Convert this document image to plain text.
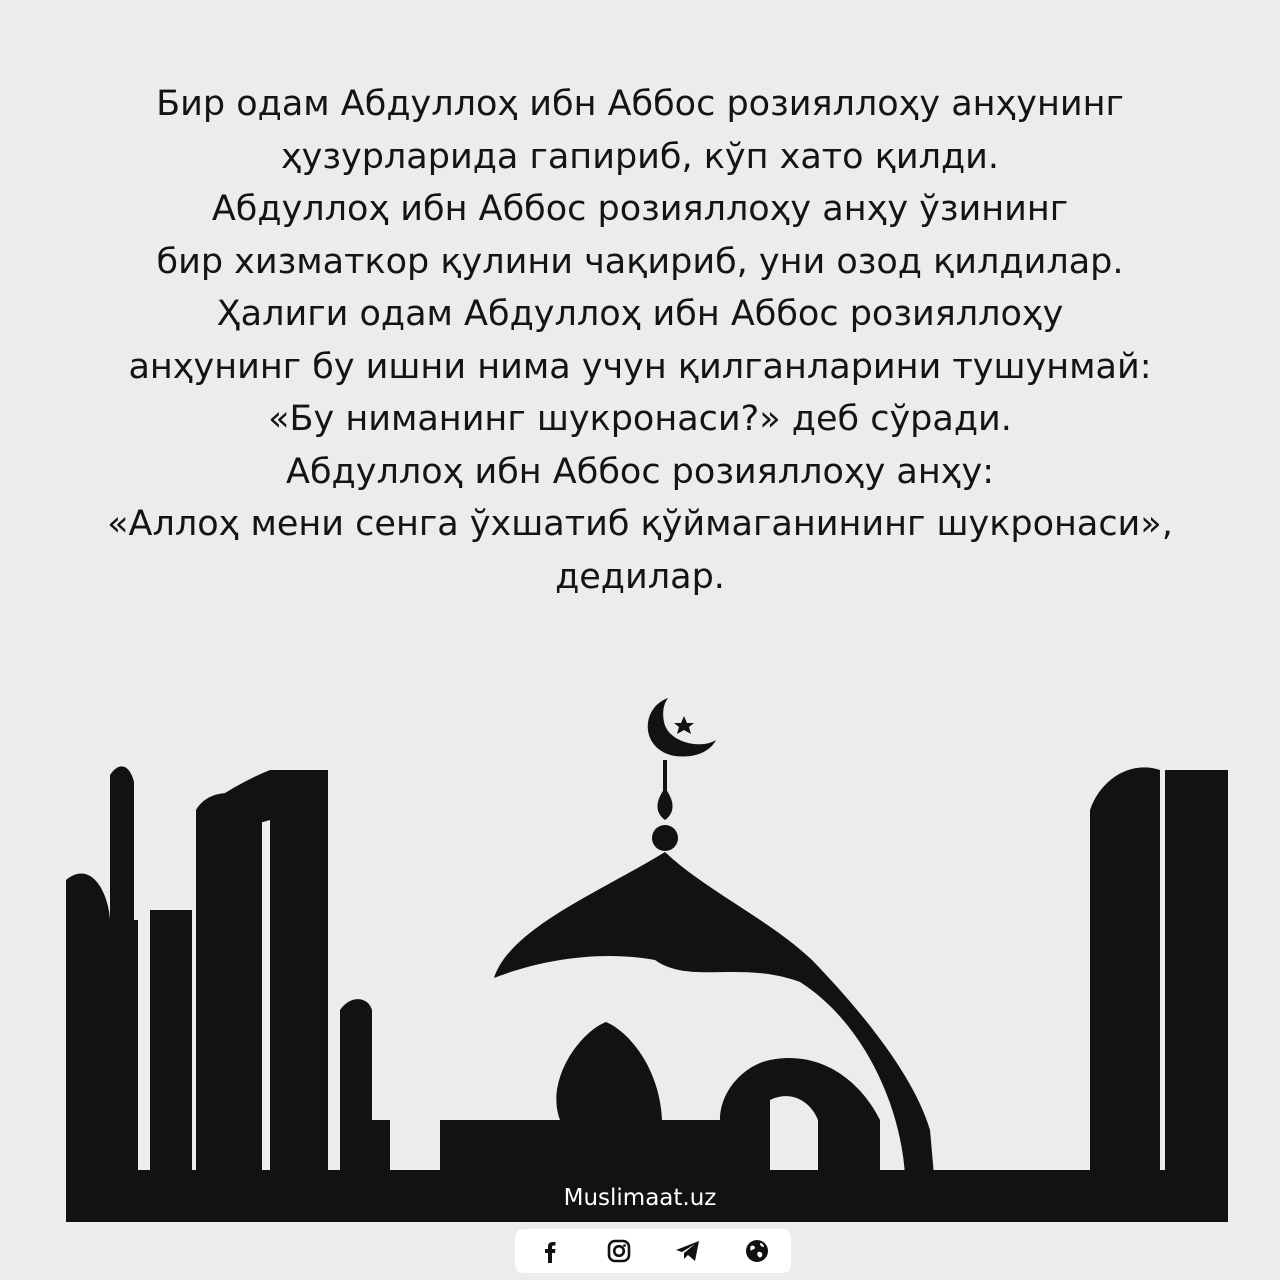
Бир одам Абдуллоҳ ибн Аббос розияллоҳу анҳунинг
ҳузурларида гапириб, кўп хато қилди.
Абдуллоҳ ибн Аббос розияллоҳу анҳу ўзининг
бир хизматкор қулини чақириб, уни озод қилдилар.
Ҳалиги одам Абдуллоҳ ибн Аббос розияллоҳу
анҳунинг бу ишни нима учун қилганларини тушунмай:
«Бу ниманинг шукронаси?» деб сўради.
Абдуллоҳ ибн Аббос розияллоҳу анҳу:
«Аллоҳ мени сенга ўхшатиб қўймаганининг шукронаси»,
дедилар.
Muslimaat.uz
